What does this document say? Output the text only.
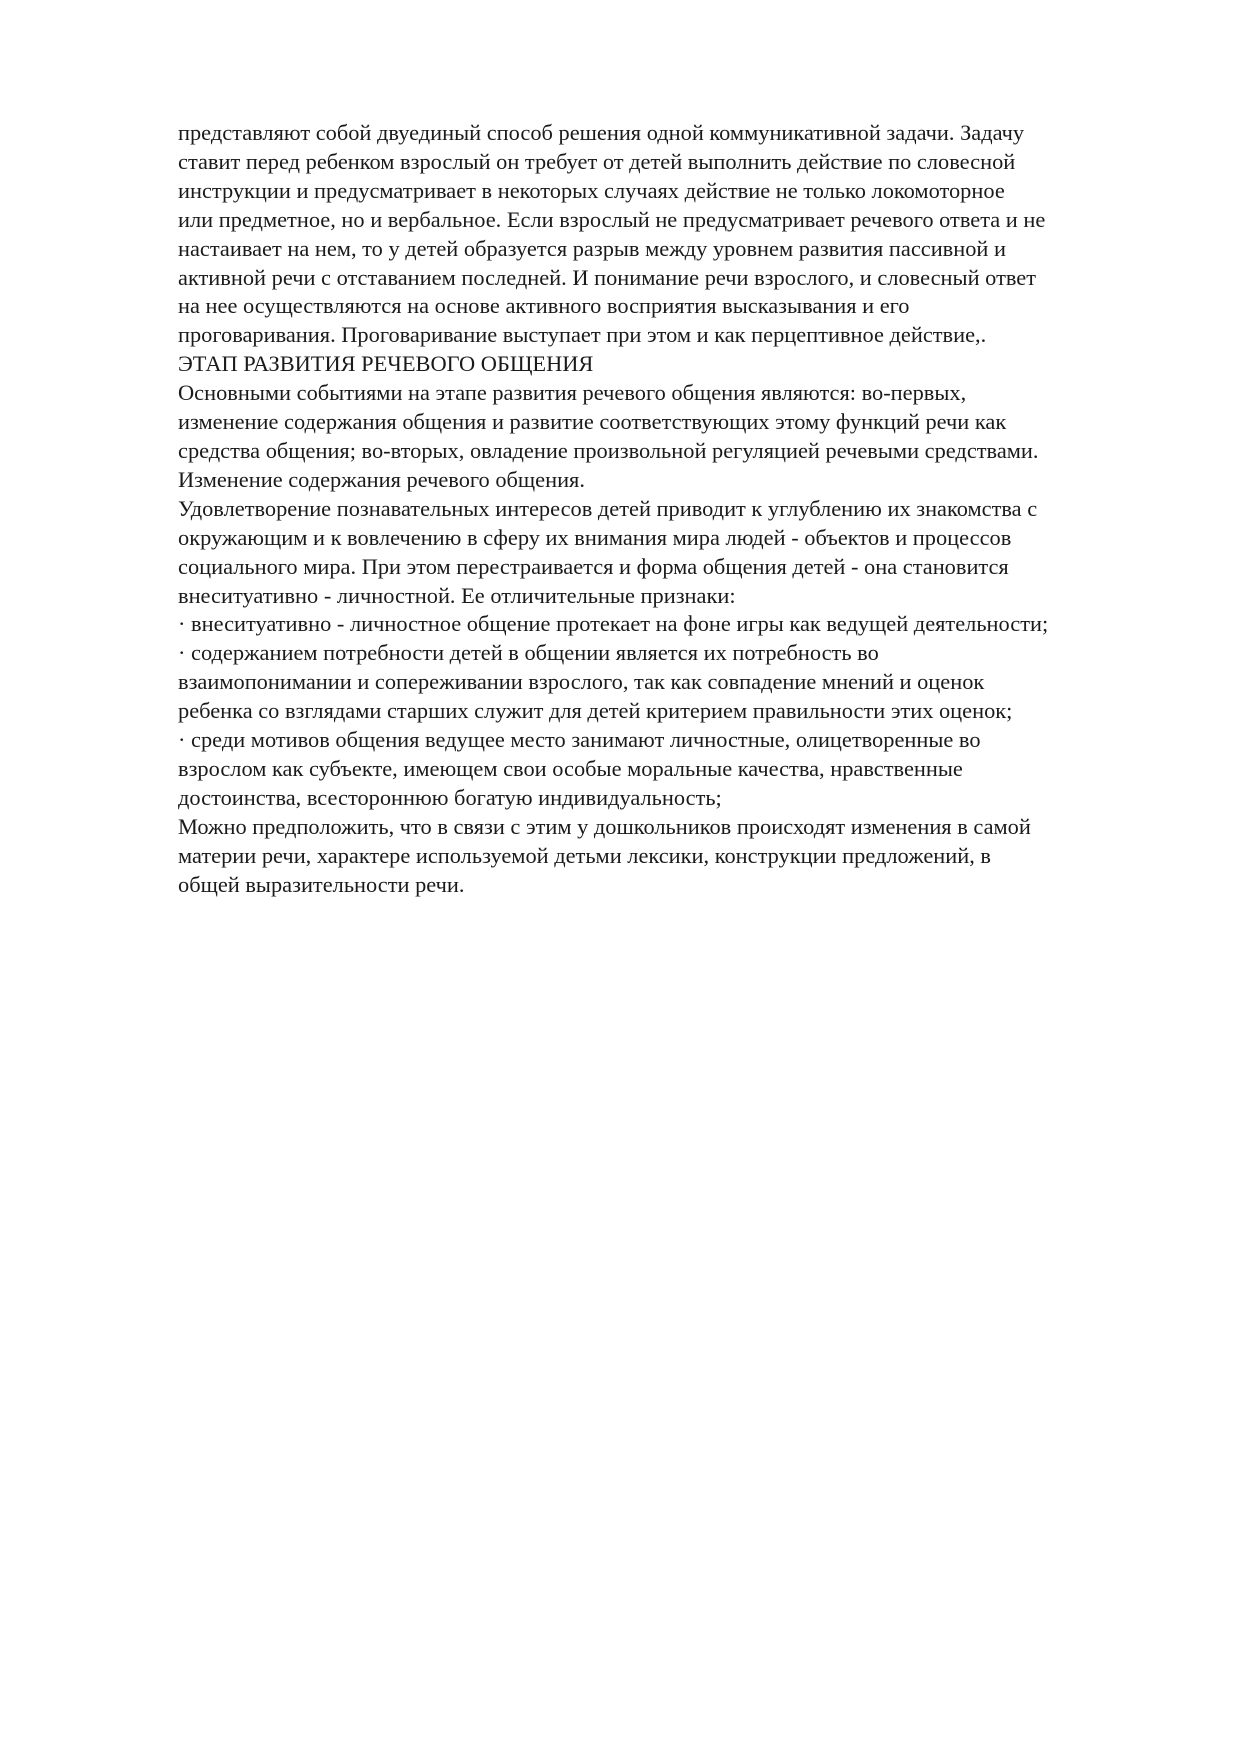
представляют собой двуединый способ решения одной коммуникативной задачи. Задачу
ставит перед ребенком взрослый он требует от детей выполнить действие по словесной
инструкции и предусматривает в некоторых случаях действие не только локомоторное
или предметное, но и вербальное. Если взрослый не предусматривает речевого ответа и не
настаивает на нем, то у детей образуется разрыв между уровнем развития пассивной и
активной речи с отставанием последней. И понимание речи взрослого, и словесный ответ
на нее осуществляются на основе активного восприятия высказывания и его
проговаривания. Проговаривание выступает при этом и как перцептивное действие,.
ЭТАП РАЗВИТИЯ РЕЧЕВОГО ОБЩЕНИЯ
Основными событиями на этапе развития речевого общения являются: во-первых,
изменение содержания общения и развитие соответствующих этому функций речи как
средства общения; во-вторых, овладение произвольной регуляцией речевыми средствами.
Изменение содержания речевого общения.
Удовлетворение познавательных интересов детей приводит к углублению их знакомства с
окружающим и к вовлечению в сферу их внимания мира людей - объектов и процессов
социального мира. При этом перестраивается и форма общения детей - она становится
внеситуативно - личностной. Ее отличительные признаки:
· внеситуативно - личностное общение протекает на фоне игры как ведущей деятельности;
· содержанием потребности детей в общении является их потребность во
взаимопонимании и сопереживании взрослого, так как совпадение мнений и оценок
ребенка со взглядами старших служит для детей критерием правильности этих оценок;
· среди мотивов общения ведущее место занимают личностные, олицетворенные во
взрослом как субъекте, имеющем свои особые моральные качества, нравственные
достоинства, всестороннюю богатую индивидуальность;
Можно предположить, что в связи с этим у дошкольников происходят изменения в самой
материи речи, характере используемой детьми лексики, конструкции предложений, в
общей выразительности речи.
